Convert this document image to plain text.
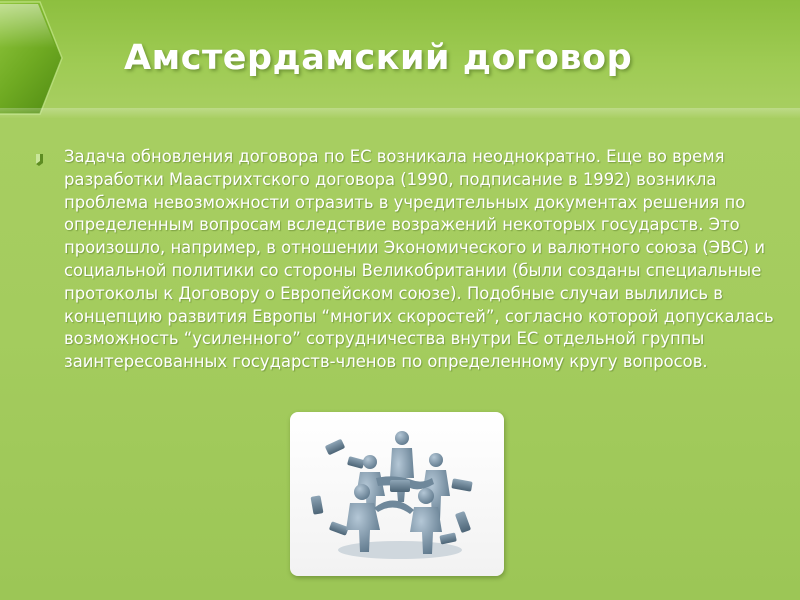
Амстердамский договор

Задача обновления договора по ЕС возникала неоднократно. Еще во время разработки Маастрихтского договора (1990, подписание в 1992) возникла проблема невозможности отразить в учредительных документах решения по определенным вопросам вследствие возражений некоторых государств. Это произошло, например, в отношении Экономического и валютного союза (ЭВС) и социальной политики со стороны Великобритании (были созданы специальные протоколы к Договору о Европейском союзе). Подобные случаи вылились в концепцию развития Европы “многих скоростей”, согласно которой допускалась возможность “усиленного” сотрудничества внутри ЕС отдельной группы заинтересованных государств-членов по определенному кругу вопросов.
